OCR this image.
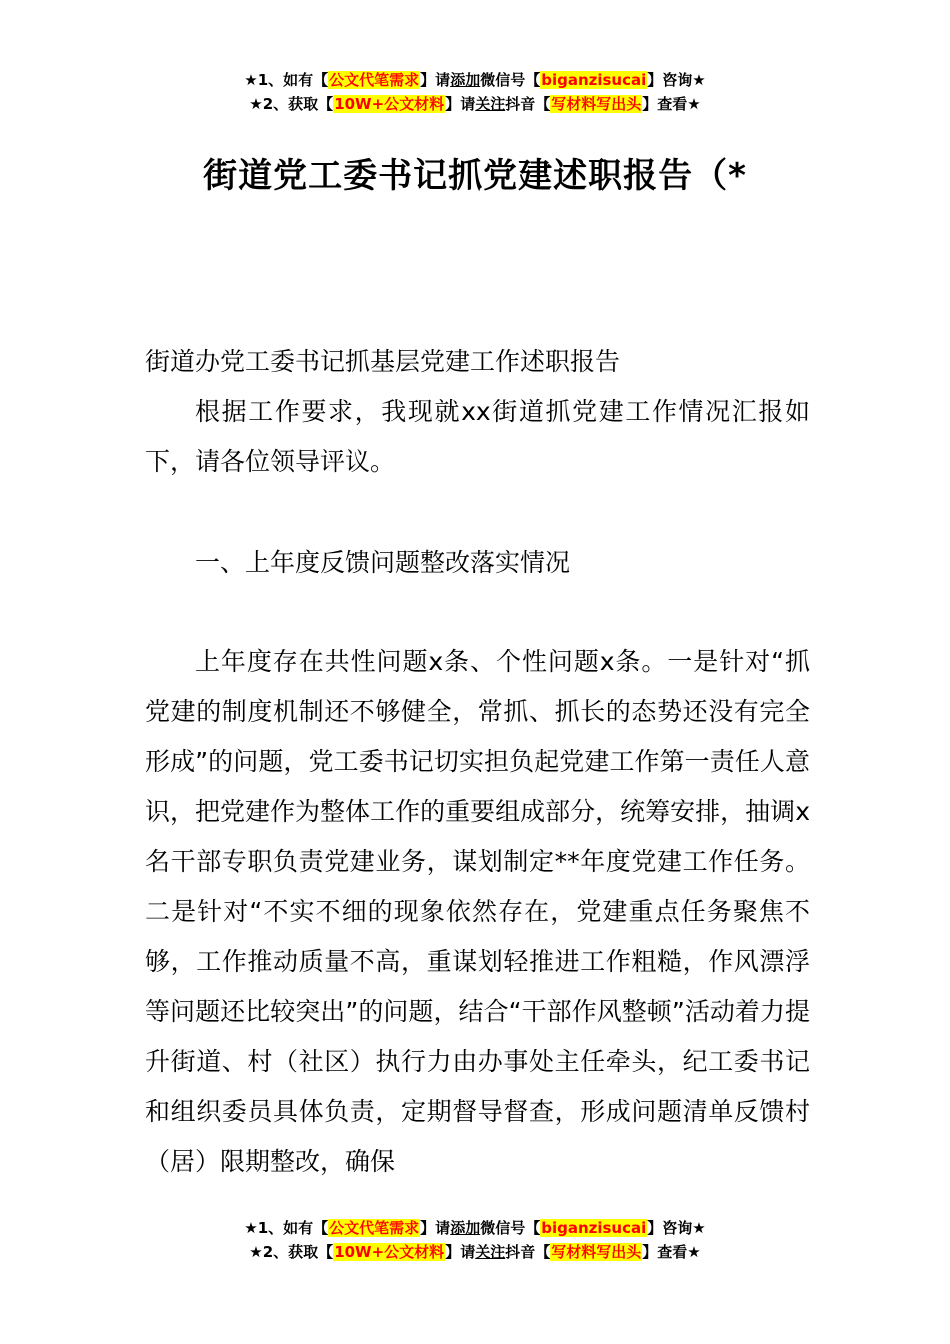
★1、如有【公文代笔需求】请添加微信号【biganzisucai】咨询★
★2、获取【10W+公文材料】请关注抖音【写材料写出头】查看★
街道党工委书记抓党建述职报告（*
街道办党工委书记抓基层党建工作述职报告
根据工作要求，我现就xx街道抓党建工作情况汇报如下，请各位领导评议。
一、上年度反馈问题整改落实情况
上年度存在共性问题x条、个性问题x条。一是针对“抓党建的制度机制还不够健全，常抓、抓长的态势还没有完全形成”的问题，党工委书记切实担负起党建工作第一责任人意识，把党建作为整体工作的重要组成部分，统筹安排，抽调x名干部专职负责党建业务，谋划制定**年度党建工作任务。二是针对“不实不细的现象依然存在，党建重点任务聚焦不够，工作推动质量不高，重谋划轻推进工作粗糙，作风漂浮等问题还比较突出”的问题，结合“干部作风整顿”活动着力提升街道、村（社区）执行力由办事处主任牵头，纪工委书记和组织委员具体负责，定期督导督查，形成问题清单反馈村（居）限期整改，确保
★1、如有【公文代笔需求】请添加微信号【biganzisucai】咨询★
★2、获取【10W+公文材料】请关注抖音【写材料写出头】查看★
